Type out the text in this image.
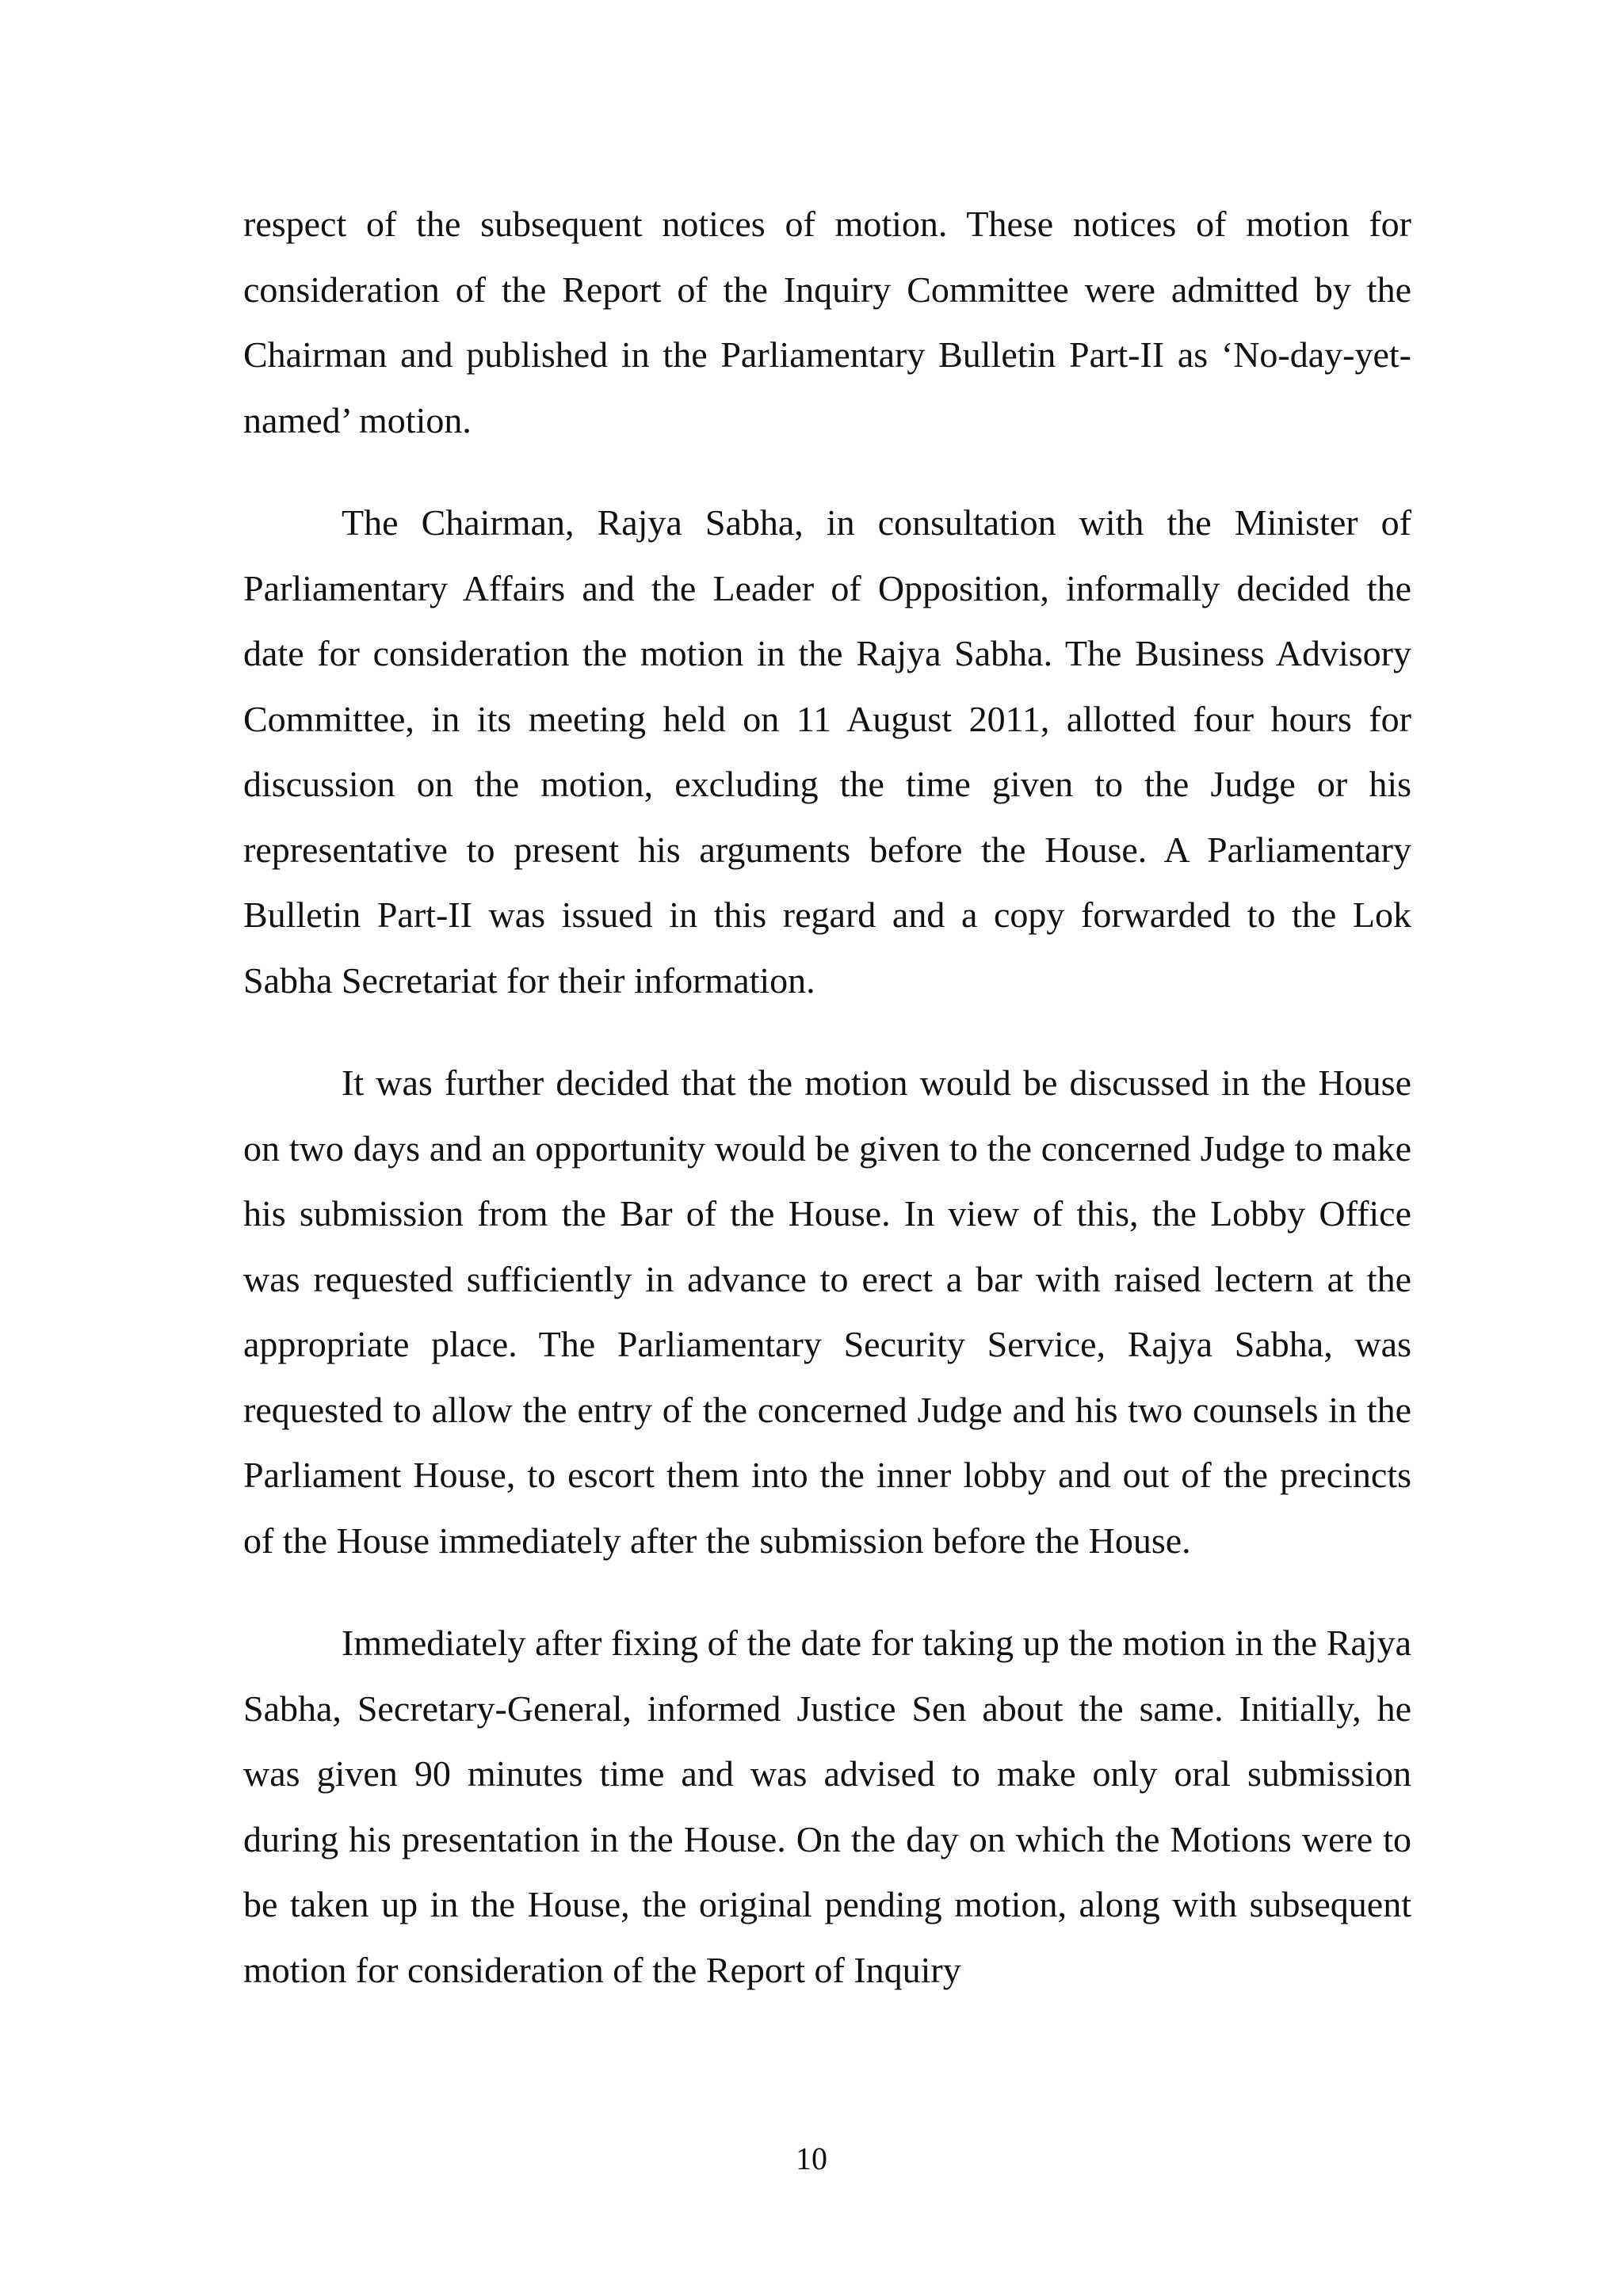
respect of the subsequent notices of motion. These notices of motion for consideration of the Report of the Inquiry Committee were admitted by the Chairman and published in the Parliamentary Bulletin Part-II as ‘No-day-yet-named’ motion.

The Chairman, Rajya Sabha, in consultation with the Minister of Parliamentary Affairs and the Leader of Opposition, informally decided the date for consideration the motion in the Rajya Sabha. The Business Advisory Committee, in its meeting held on 11 August 2011, allotted four hours for discussion on the motion, excluding the time given to the Judge or his representative to present his arguments before the House. A Parliamentary Bulletin Part-II was issued in this regard and a copy forwarded to the Lok Sabha Secretariat for their information.

It was further decided that the motion would be discussed in the House on two days and an opportunity would be given to the concerned Judge to make his submission from the Bar of the House. In view of this, the Lobby Office was requested sufficiently in advance to erect a bar with raised lectern at the appropriate place. The Parliamentary Security Service, Rajya Sabha, was requested to allow the entry of the concerned Judge and his two counsels in the Parliament House, to escort them into the inner lobby and out of the precincts of the House immediately after the submission before the House.

Immediately after fixing of the date for taking up the motion in the Rajya Sabha, Secretary-General, informed Justice Sen about the same. Initially, he was given 90 minutes time and was advised to make only oral submission during his presentation in the House. On the day on which the Motions were to be taken up in the House, the original pending motion, along with subsequent motion for consideration of the Report of Inquiry

10
